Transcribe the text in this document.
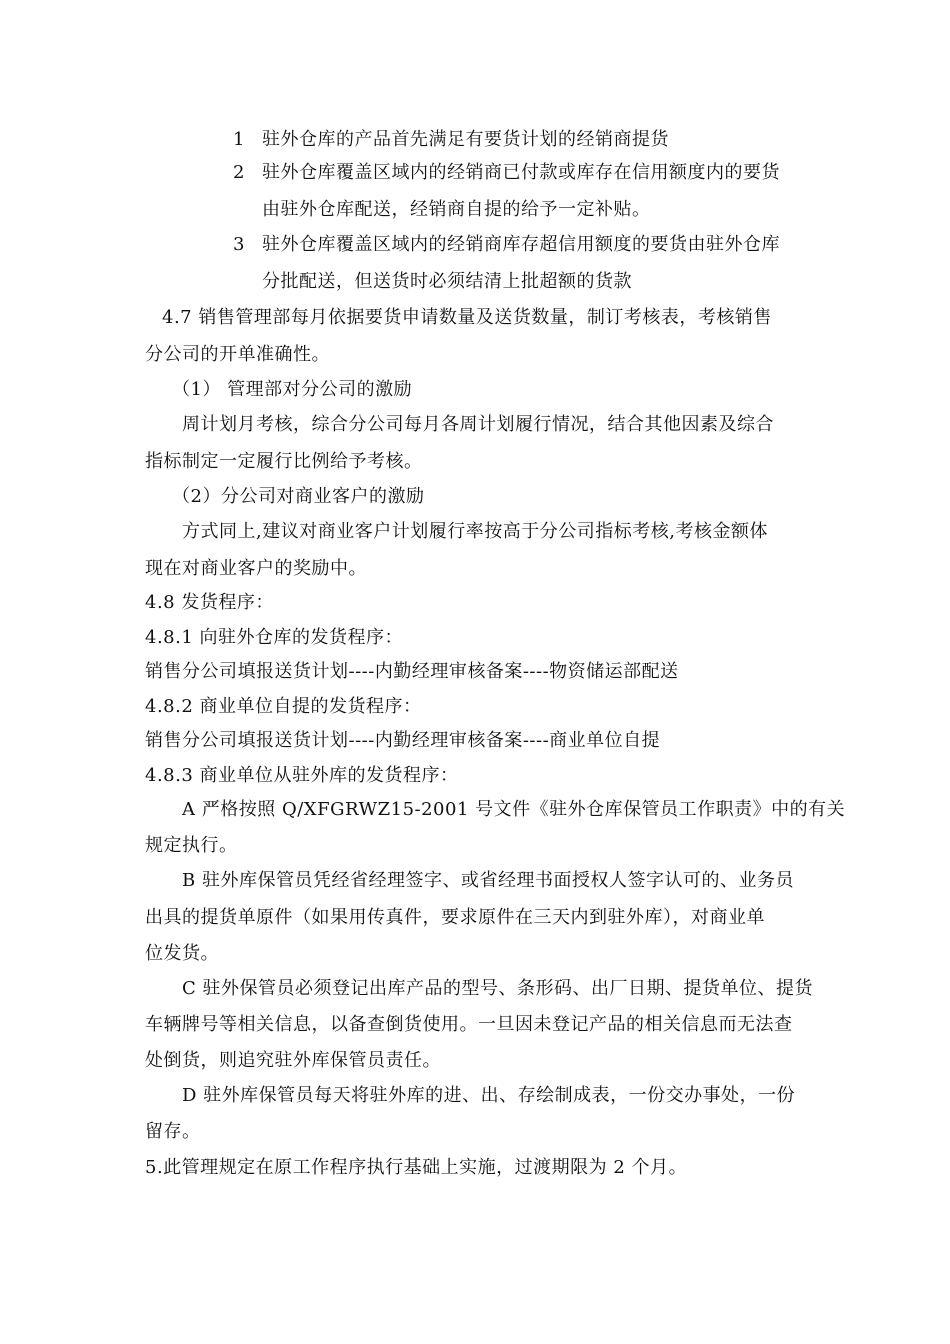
1 驻外仓库的产品首先满足有要货计划的经销商提货
2 驻外仓库覆盖区域内的经销商已付款或库存在信用额度内的要货
由驻外仓库配送，经销商自提的给予一定补贴。
3 驻外仓库覆盖区域内的经销商库存超信用额度的要货由驻外仓库
分批配送，但送货时必须结清上批超额的货款
4.7 销售管理部每月依据要货申请数量及送货数量，制订考核表，考核销售
分公司的开单准确性。
（1） 管理部对分公司的激励
周计划月考核，综合分公司每月各周计划履行情况，结合其他因素及综合
指标制定一定履行比例给予考核。
（2）分公司对商业客户的激励
方式同上,建议对商业客户计划履行率按高于分公司指标考核,考核金额体
现在对商业客户的奖励中。
4.8 发货程序：
4.8.1 向驻外仓库的发货程序：
销售分公司填报送货计划----内勤经理审核备案----物资储运部配送
4.8.2 商业单位自提的发货程序：
销售分公司填报送货计划----内勤经理审核备案----商业单位自提
4.8.3 商业单位从驻外库的发货程序：
A 严格按照 Q/XFGRWZ15-2001 号文件《驻外仓库保管员工作职责》中的有关
规定执行。
B 驻外库保管员凭经省经理签字、或省经理书面授权人签字认可的、业务员
出具的提货单原件（如果用传真件，要求原件在三天内到驻外库），对商业单
位发货。
C 驻外保管员必须登记出库产品的型号、条形码、出厂日期、提货单位、提货
车辆牌号等相关信息，以备查倒货使用。一旦因未登记产品的相关信息而无法查
处倒货，则追究驻外库保管员责任。
D 驻外库保管员每天将驻外库的进、出、存绘制成表，一份交办事处，一份
留存。
5.此管理规定在原工作程序执行基础上实施，过渡期限为 2 个月。
